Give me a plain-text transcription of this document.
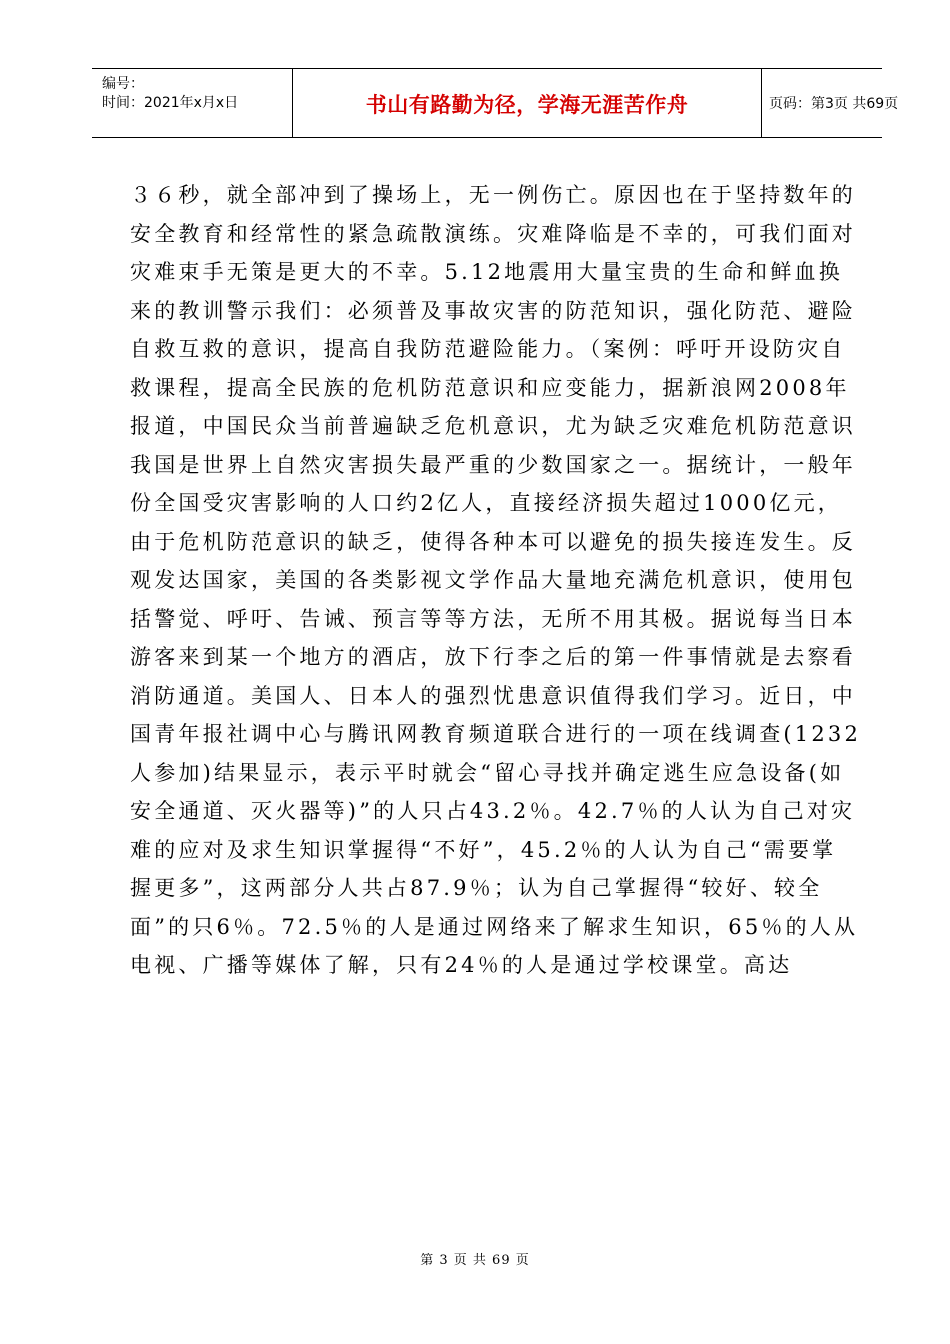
编号：
时间：2021年x月x日	书山有路勤为径，学海无涯苦作舟	页码：第3页 共69页
３６秒，就全部冲到了操场上，无一例伤亡。原因也在于坚持数年的
安全教育和经常性的紧急疏散演练。灾难降临是不幸的，可我们面对
灾难束手无策是更大的不幸。5.12地震用大量宝贵的生命和鲜血换
来的教训警示我们：必须普及事故灾害的防范知识，强化防范、避险
自救互救的意识，提高自我防范避险能力。（案例：呼吁开设防灾自
救课程，提高全民族的危机防范意识和应变能力，据新浪网2008年
报道，中国民众当前普遍缺乏危机意识，尤为缺乏灾难危机防范意识
我国是世界上自然灾害损失最严重的少数国家之一。据统计，一般年
份全国受灾害影响的人口约2亿人，直接经济损失超过1000亿元，
由于危机防范意识的缺乏，使得各种本可以避免的损失接连发生。反
观发达国家，美国的各类影视文学作品大量地充满危机意识，使用包
括警觉、呼吁、告诫、预言等等方法，无所不用其极。据说每当日本
游客来到某一个地方的酒店，放下行李之后的第一件事情就是去察看
消防通道。美国人、日本人的强烈忧患意识值得我们学习。近日，中
国青年报社调中心与腾讯网教育频道联合进行的一项在线调查(1232
人参加)结果显示，表示平时就会“留心寻找并确定逃生应急设备(如
安全通道、灭火器等)”的人只占43.2％。42.7％的人认为自己对灾
难的应对及求生知识掌握得“不好”，45.2％的人认为自己“需要掌
握更多”，这两部分人共占87.9％；认为自己掌握得“较好、较全
面”的只6％。72.5％的人是通过网络来了解求生知识，65％的人从
电视、广播等媒体了解，只有24％的人是通过学校课堂。高达
第 3 页 共 69 页
